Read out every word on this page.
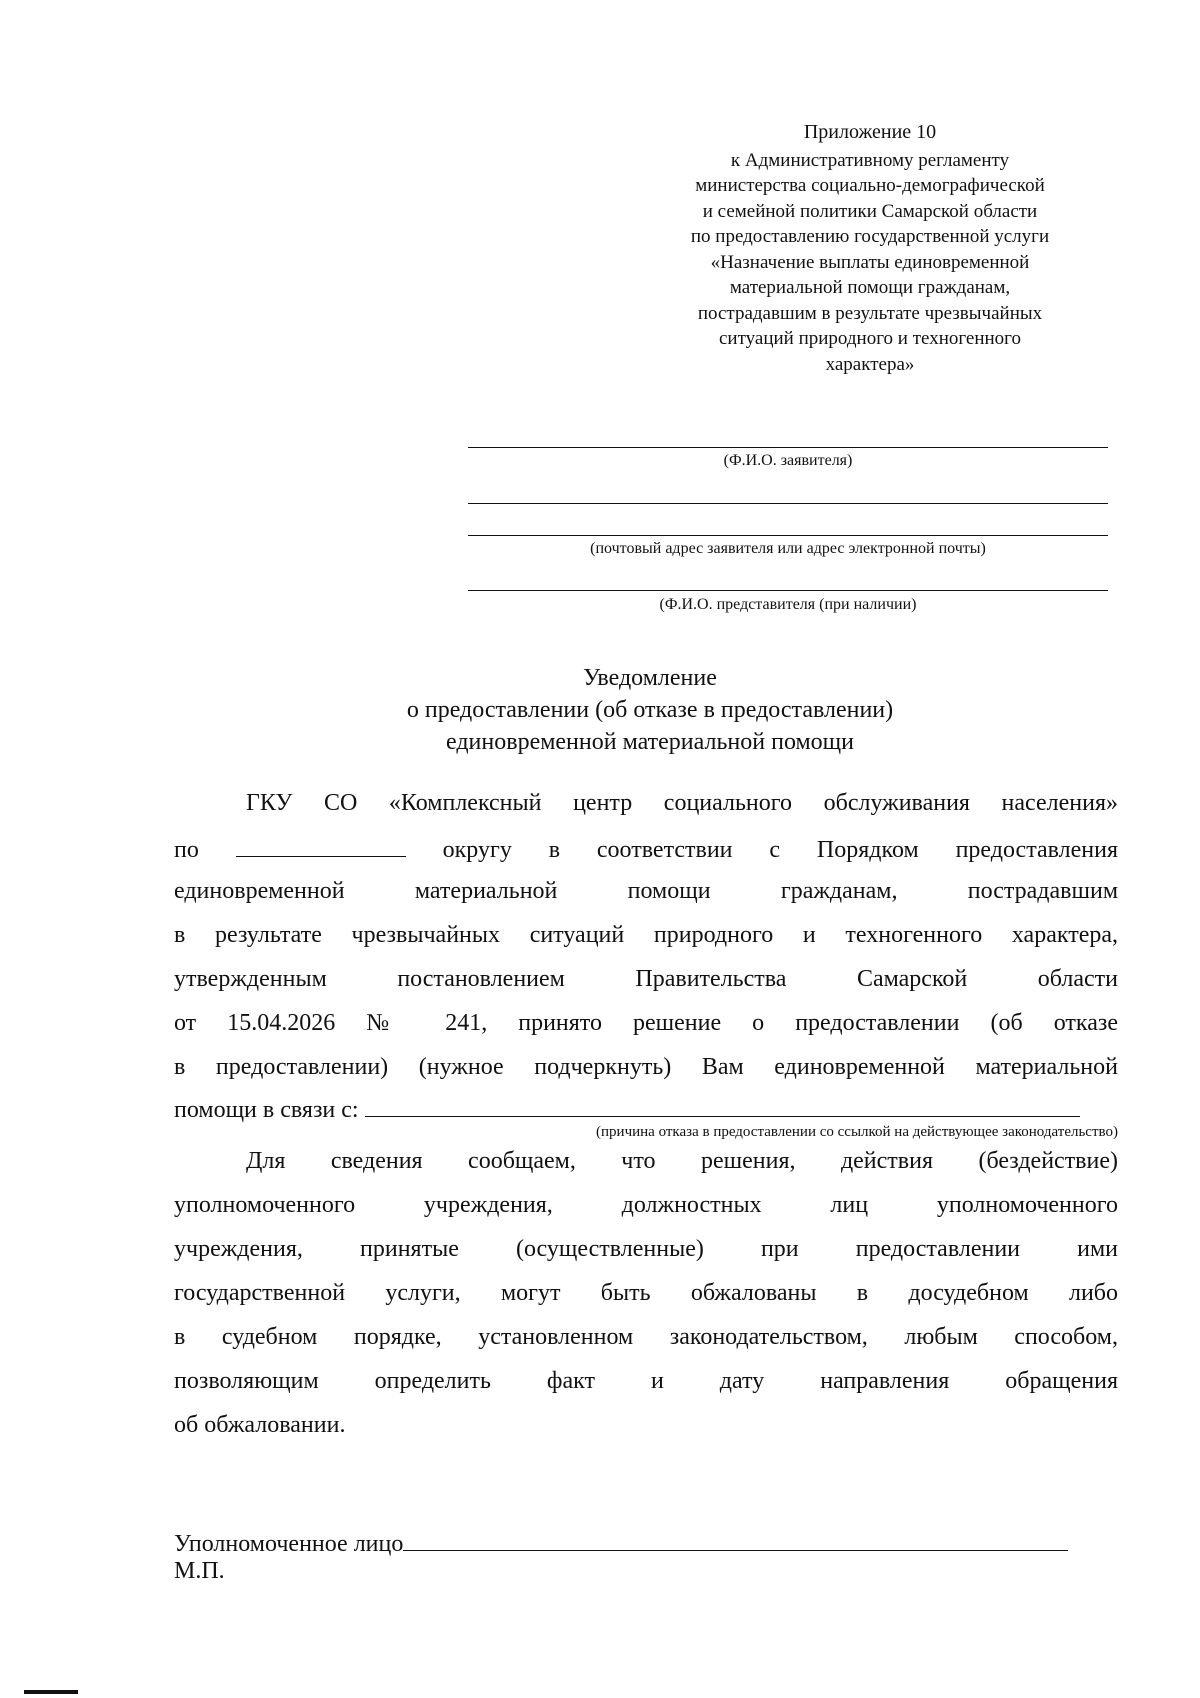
Приложение 10
к Административному регламенту
министерства социально-демографической
и семейной политики Самарской области
по предоставлению государственной услуги
«Назначение выплаты единовременной
материальной помощи гражданам,
пострадавшим в результате чрезвычайных
ситуаций природного и техногенного
характера»
(Ф.И.О. заявителя)
(почтовый адрес заявителя или адрес электронной почты)
(Ф.И.О. представителя (при наличии)
Уведомление
о предоставлении (об отказе в предоставлении)
единовременной материальной помощи
ГКУ СО «Комплексный центр социального обслуживания населения»
по	округу в соответствии с Порядком предоставления
единовременной материальной помощи гражданам, пострадавшим
в результате чрезвычайных ситуаций природного и техногенного характера,
утвержденным постановлением Правительства Самарской области
от 15.04.2026 № 241, принято решение о предоставлении (об отказе
в предоставлении) (нужное подчеркнуть) Вам единовременной материальной
помощи в связи с:
(причина отказа в предоставлении со ссылкой на действующее законодательство)
Для сведения сообщаем, что решения, действия (бездействие)
уполномоченного учреждения, должностных лиц уполномоченного
учреждения, принятые (осуществленные) при предоставлении ими
государственной услуги, могут быть обжалованы в досудебном либо
в судебном порядке, установленном законодательством, любым способом,
позволяющим определить факт и дату направления обращения
об обжаловании.
Уполномоченное лицо
М.П.
